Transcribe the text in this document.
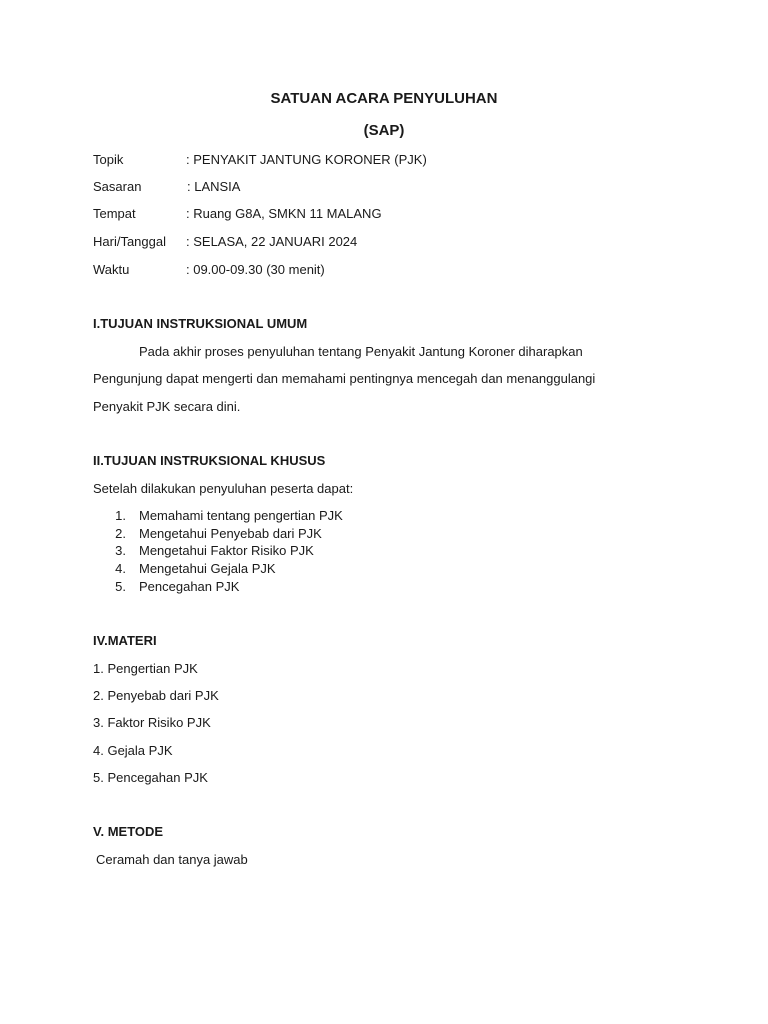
SATUAN ACARA PENYULUHAN
(SAP)
Topik	: PENYAKIT JANTUNG KORONER (PJK)
Sasaran	: LANSIA
Tempat	: Ruang G8A, SMKN 11 MALANG
Hari/Tanggal : SELASA, 22 JANUARI 2024
Waktu	: 09.00-09.30 (30 menit)
I.TUJUAN INSTRUKSIONAL UMUM
Pada akhir proses penyuluhan tentang Penyakit Jantung Koroner diharapkan
Pengunjung dapat mengerti dan memahami pentingnya mencegah dan menanggulangi
Penyakit PJK secara dini.
II.TUJUAN INSTRUKSIONAL KHUSUS
Setelah dilakukan penyuluhan peserta dapat:
1. Memahami tentang pengertian PJK
2. Mengetahui Penyebab dari PJK
3. Mengetahui Faktor Risiko PJK
4. Mengetahui Gejala PJK
5. Pencegahan PJK
IV.MATERI
1. Pengertian PJK
2. Penyebab dari PJK
3. Faktor Risiko PJK
4. Gejala PJK
5. Pencegahan PJK
V. METODE
Ceramah dan tanya jawab
